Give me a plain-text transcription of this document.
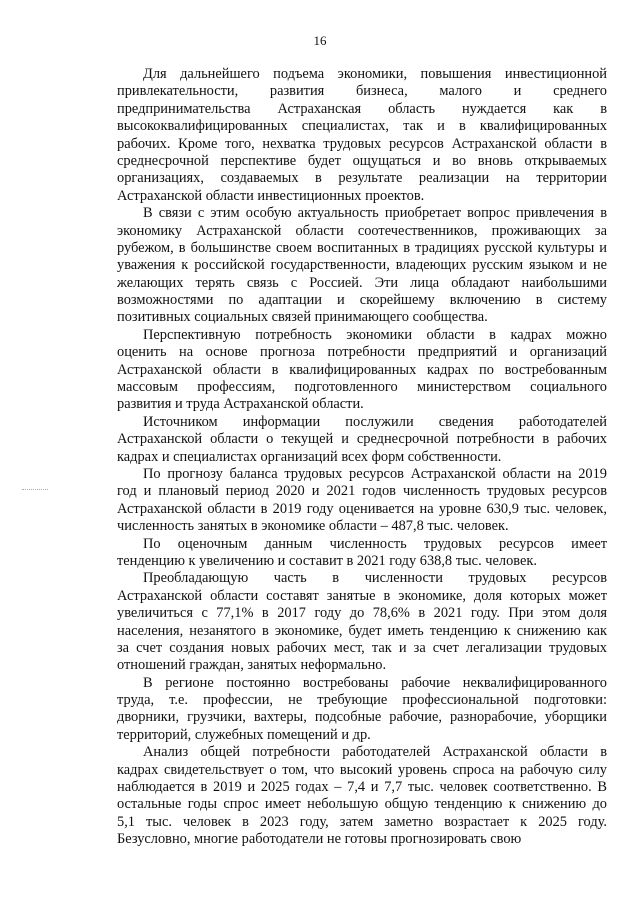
16
Для дальнейшего подъема экономики, повышения инвестиционной
привлекательности, развития бизнеса, малого и среднего
предпринимательства Астраханская область нуждается как в
высококвалифицированных специалистах, так и в квалифицированных
рабочих. Кроме того, нехватка трудовых ресурсов Астраханской области в
среднесрочной перспективе будет ощущаться и во вновь открываемых
организациях, создаваемых в результате реализации на территории
Астраханской области инвестиционных проектов.
В связи с этим особую актуальность приобретает вопрос привлечения в
экономику Астраханской области соотечественников, проживающих за
рубежом, в большинстве своем воспитанных в традициях русской культуры и
уважения к российской государственности, владеющих русским языком и не
желающих терять связь с Россией. Эти лица обладают наибольшими
возможностями по адаптации и скорейшему включению в систему
позитивных социальных связей принимающего сообщества.
Перспективную потребность экономики области в кадрах можно
оценить на основе прогноза потребности предприятий и организаций
Астраханской области в квалифицированных кадрах по востребованным
массовым профессиям, подготовленного министерством социального
развития и труда Астраханской области.
Источником информации послужили сведения работодателей
Астраханской области о текущей и среднесрочной потребности в рабочих
кадрах и специалистах организаций всех форм собственности.
По прогнозу баланса трудовых ресурсов Астраханской области на 2019
год и плановый период 2020 и 2021 годов численность трудовых ресурсов
Астраханской области в 2019 году оценивается на уровне 630,9 тыс. человек,
численность занятых в экономике области – 487,8 тыс. человек.
По оценочным данным численность трудовых ресурсов имеет
тенденцию к увеличению и составит в 2021 году 638,8 тыс. человек.
Преобладающую часть в численности трудовых ресурсов
Астраханской области составят занятые в экономике, доля которых может
увеличиться с 77,1% в 2017 году до 78,6% в 2021 году. При этом доля
населения, незанятого в экономике, будет иметь тенденцию к снижению как
за счет создания новых рабочих мест, так и за счет легализации трудовых
отношений граждан, занятых неформально.
В регионе постоянно востребованы рабочие неквалифицированного
труда, т.е. профессии, не требующие профессиональной подготовки:
дворники, грузчики, вахтеры, подсобные рабочие, разнорабочие, уборщики
территорий, служебных помещений и др.
Анализ общей потребности работодателей Астраханской области в
кадрах свидетельствует о том, что высокий уровень спроса на рабочую силу
наблюдается в 2019 и 2025 годах – 7,4 и 7,7 тыс. человек соответственно. В
остальные годы спрос имеет небольшую общую тенденцию к снижению до
5,1 тыс. человек в 2023 году, затем заметно возрастает к 2025 году.
Безусловно, многие работодатели не готовы прогнозировать свою
